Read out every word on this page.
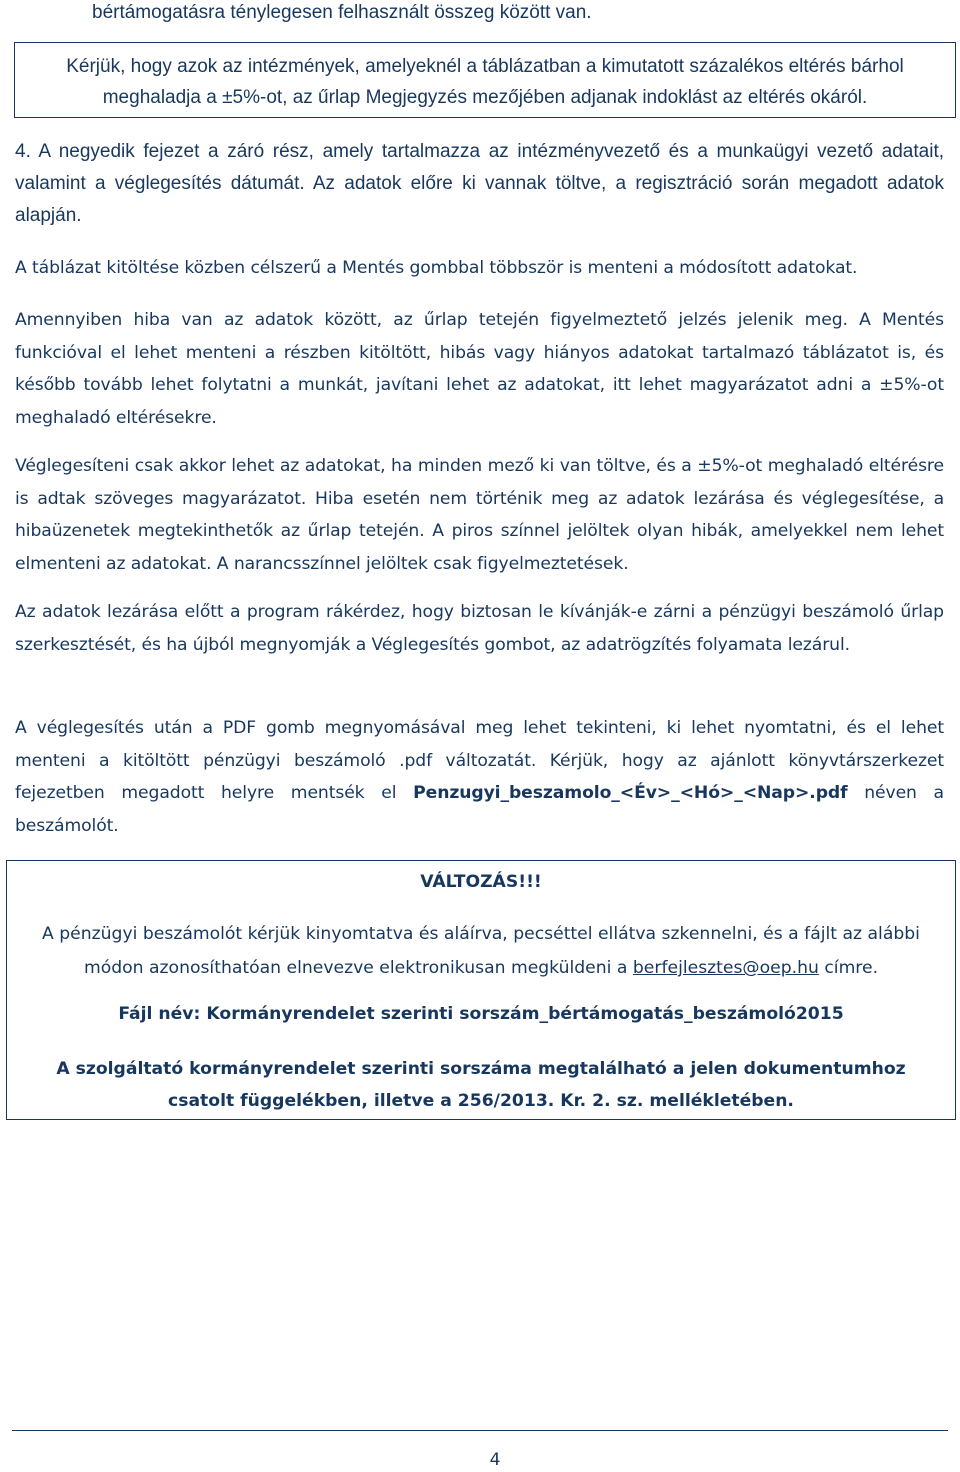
bértámogatásra ténylegesen felhasznált összeg között van.
Kérjük, hogy azok az intézmények, amelyeknél a táblázatban a kimutatott százalékos eltérés bárhol
meghaladja a ±5%-ot, az űrlap Megjegyzés mezőjében adjanak indoklást az eltérés okáról.

4. A negyedik fejezet a záró rész, amely tartalmazza az intézményvezető és a munkaügyi vezető adatait, valamint a véglegesítés dátumát. Az adatok előre ki vannak töltve, a regisztráció során megadott adatok alapján.

A táblázat kitöltése közben célszerű a Mentés gombbal többször is menteni a módosított adatokat.

Amennyiben hiba van az adatok között, az űrlap tetején figyelmeztető jelzés jelenik meg. A Mentés funkcióval el lehet menteni a részben kitöltött, hibás vagy hiányos adatokat tartalmazó táblázatot is, és később tovább lehet folytatni a munkát, javítani lehet az adatokat, itt lehet magyarázatot adni a ±5%-ot meghaladó eltérésekre.

Véglegesíteni csak akkor lehet az adatokat, ha minden mező ki van töltve, és a ±5%-ot meghaladó eltérésre is adtak szöveges magyarázatot. Hiba esetén nem történik meg az adatok lezárása és véglegesítése, a hibaüzenetek megtekinthetők az űrlap tetején. A piros színnel jelöltek olyan hibák, amelyekkel nem lehet elmenteni az adatokat. A narancsszínnel jelöltek csak figyelmeztetések.

Az adatok lezárása előtt a program rákérdez, hogy biztosan le kívánják-e zárni a pénzügyi beszámoló űrlap szerkesztését, és ha újból megnyomják a Véglegesítés gombot, az adatrögzítés folyamata lezárul.

A véglegesítés után a PDF gomb megnyomásával meg lehet tekinteni, ki lehet nyomtatni, és el lehet menteni a kitöltött pénzügyi beszámoló .pdf változatát. Kérjük, hogy az ajánlott könyvtárszerkezet fejezetben megadott helyre mentsék el Penzugyi_beszamolo_<Év>_<Hó>_<Nap>.pdf néven a beszámolót.

VÁLTOZÁS!!!

A pénzügyi beszámolót kérjük kinyomtatva és aláírva, pecséttel ellátva szkennelni, és a fájlt az alábbi módon azonosíthatóan elnevezve elektronikusan megküldeni a berfejlesztes@oep.hu címre.

Fájl név: Kormányrendelet szerinti sorszám_bértámogatás_beszámoló2015

A szolgáltató kormányrendelet szerinti sorszáma megtalálható a jelen dokumentumhoz csatolt függelékben, illetve a 256/2013. Kr. 2. sz. mellékletében.

4
